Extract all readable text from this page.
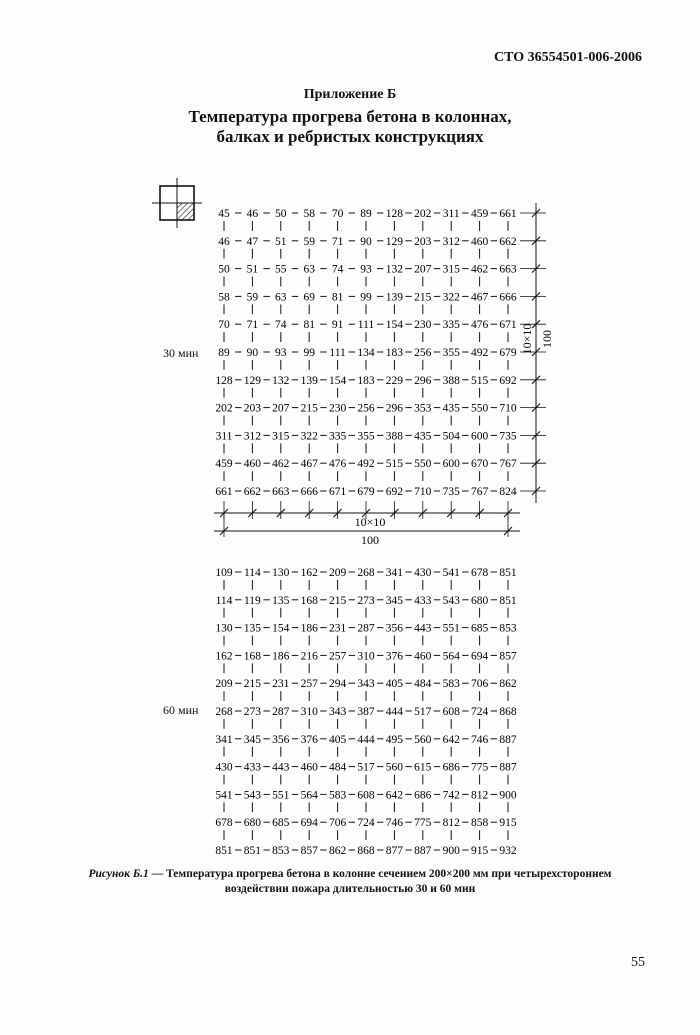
СТО 36554501-006-2006
Приложение Б
Температура прогрева бетона в колоннах,
балках и ребристых конструкциях
45 46 50 58 70 89 128 202 311 459 661
46 47 51 59 71 90 129 203 312 460 662
50 51 55 63 74 93 132 207 315 462 663
58 59 63 69 81 99 139 215 322 467 666
70 71 74 81 91 111 154 230 335 476 671
89 90 93 99 111 134 183 256 355 492 679
128 129 132 139 154 183 229 296 388 515 692
202 203 207 215 230 256 296 353 435 550 710
311 312 315 322 335 355 388 435 504 600 735
459 460 462 467 476 492 515 550 600 670 767
661 662 663 666 671 679 692 710 735 767 824
10×10 100
10×10
100
109 114 130 162 209 268 341 430 541 678 851
114 119 135 168 215 273 345 433 543 680 851
130 135 154 186 231 287 356 443 551 685 853
162 168 186 216 257 310 376 460 564 694 857
209 215 231 257 294 343 405 484 583 706 862
268 273 287 310 343 387 444 517 608 724 868
341 345 356 376 405 444 495 560 642 746 887
430 433 443 460 484 517 560 615 686 775 887
541 543 551 564 583 608 642 686 742 812 900
678 680 685 694 706 724 746 775 812 858 915
851 851 853 857 862 868 877 887 900 915 932
30 мин
60 мин
Рисунок Б.1 — Температура прогрева бетона в колонне сечением 200×200 мм при четырехстороннем
воздействии пожара длительностью 30 и 60 мин
55
